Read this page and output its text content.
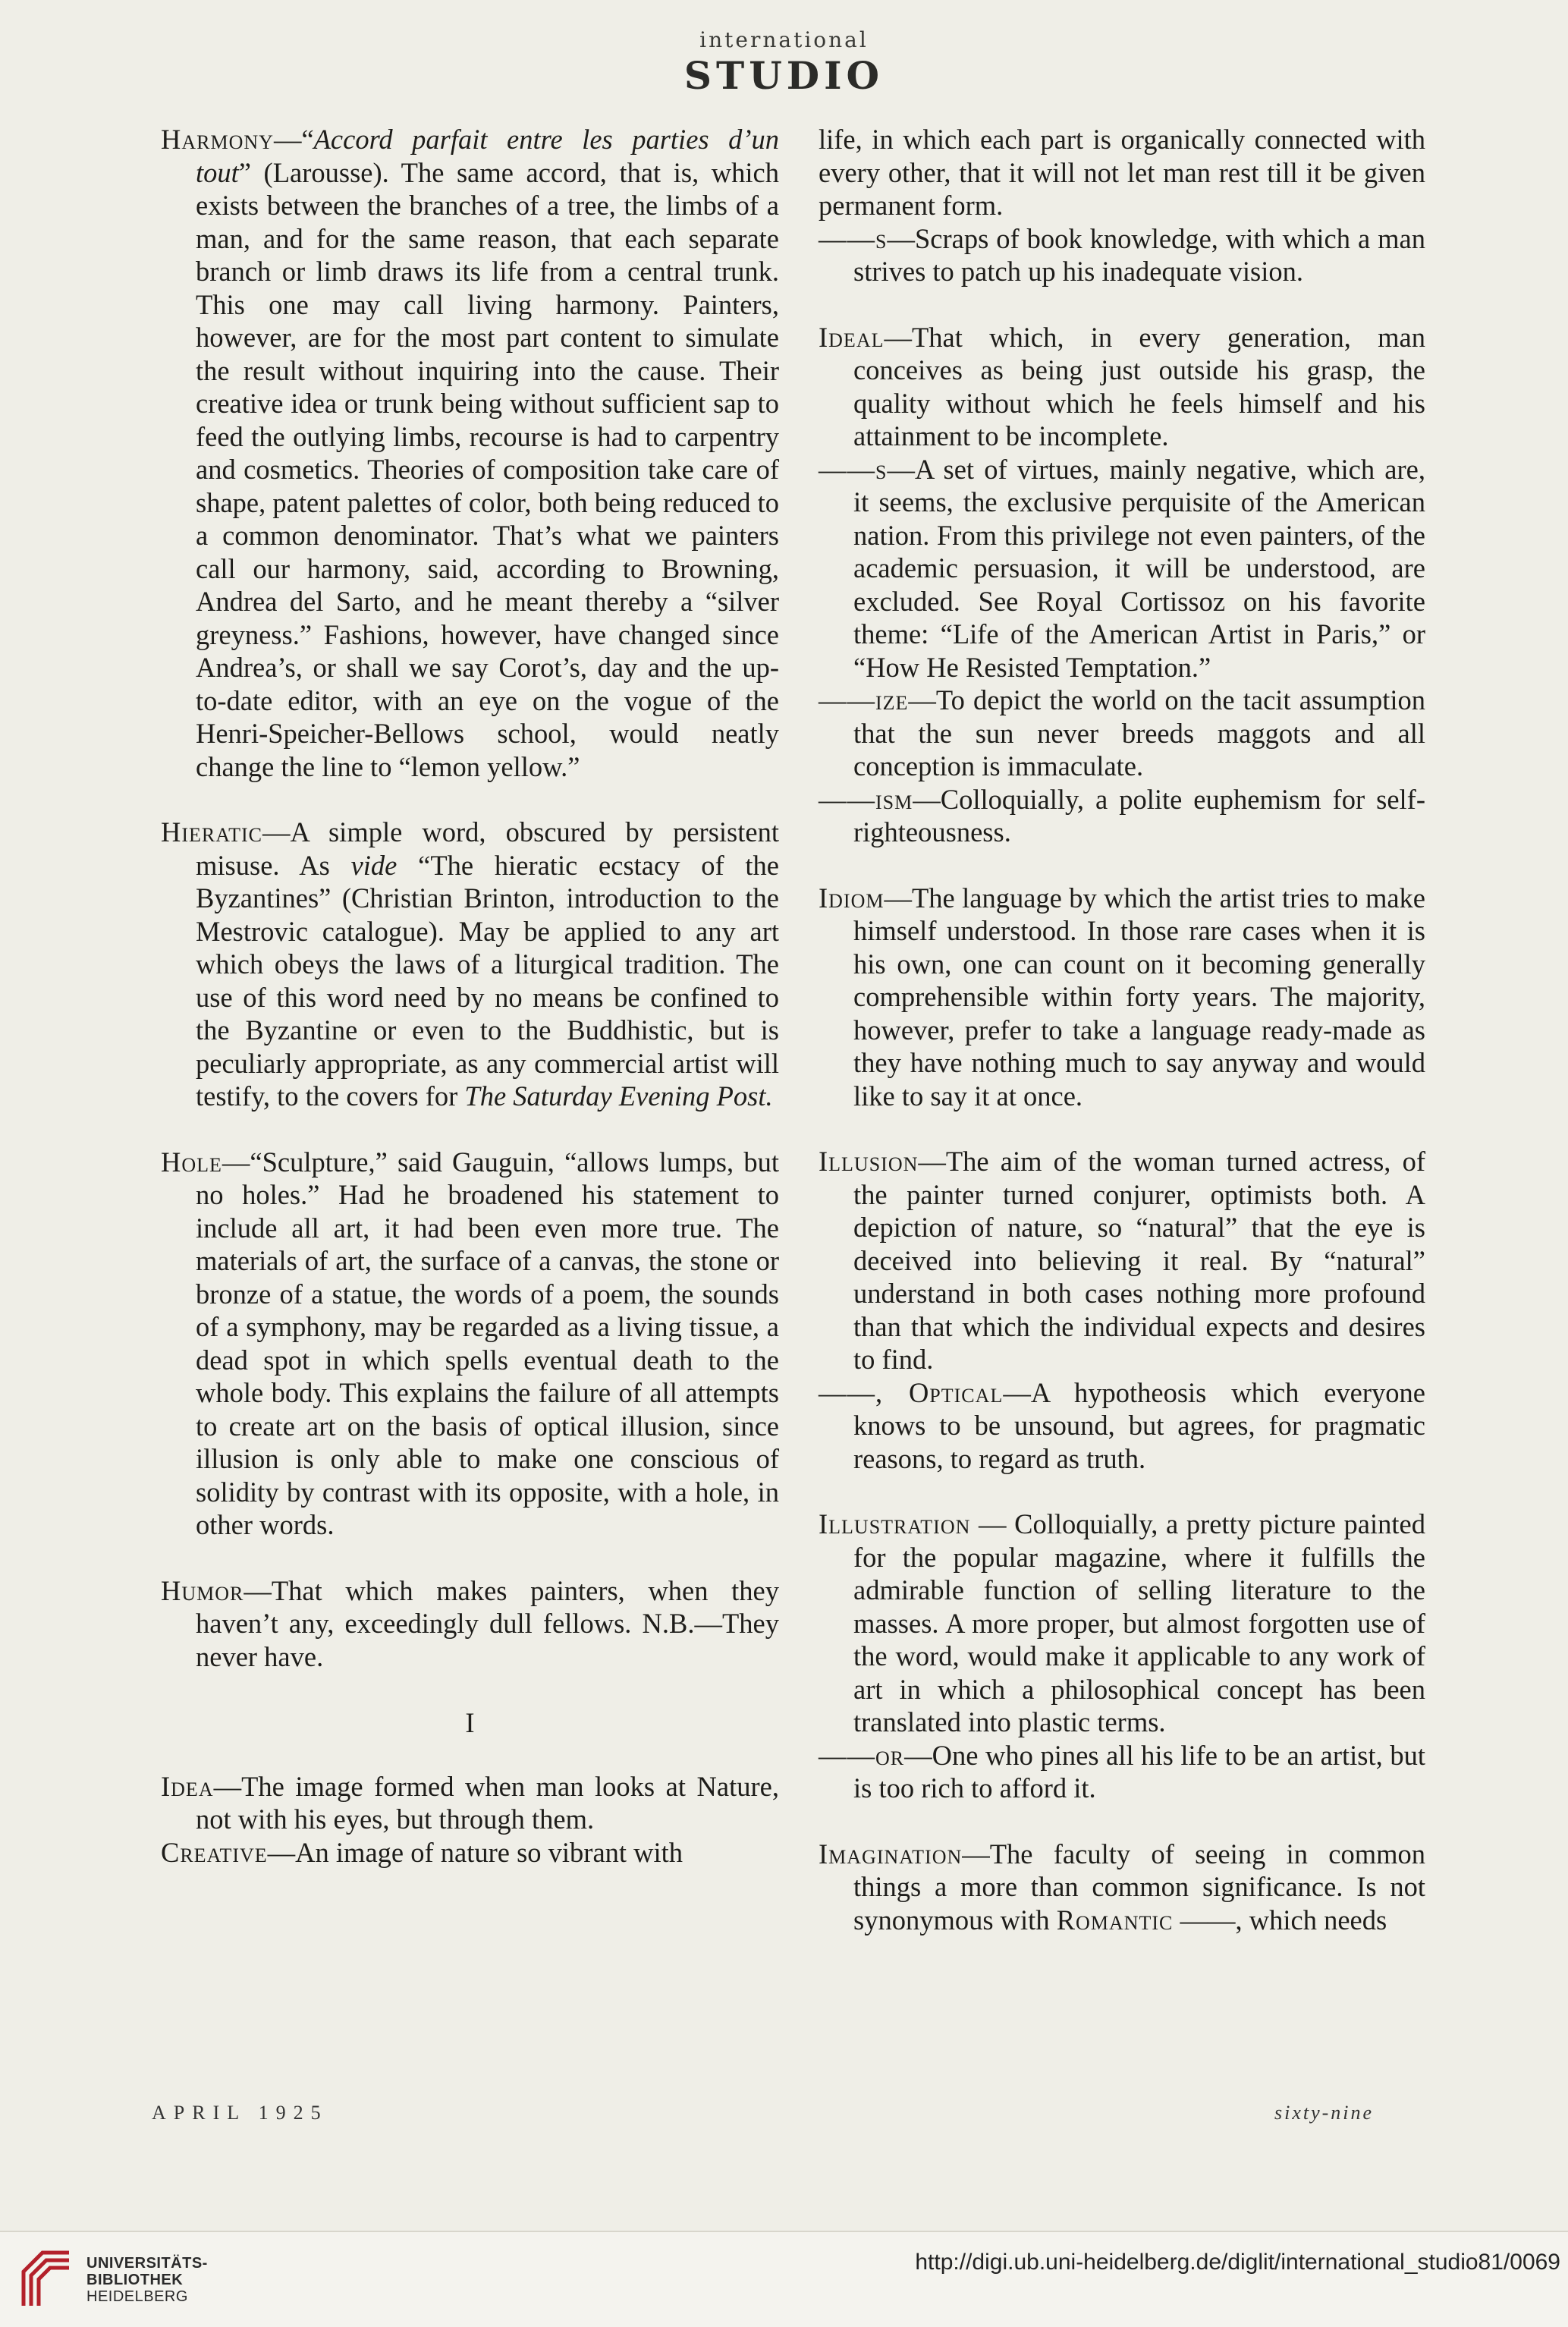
international
STUDIO

Harmony—“Accord parfait entre les parties d’un tout” (Larousse). The same accord, that is, which exists between the branches of a tree, the limbs of a man, and for the same reason, that each separate branch or limb draws its life from a central trunk. This one may call living harmony. Painters, however, are for the most part content to simulate the result without inquiring into the cause. Their creative idea or trunk being without sufficient sap to feed the outlying limbs, recourse is had to carpentry and cosmetics. Theories of composition take care of shape, patent palettes of color, both being reduced to a common denominator. That’s what we painters call our harmony, said, according to Browning, Andrea del Sarto, and he meant thereby a “silver greyness.” Fashions, however, have changed since Andrea’s, or shall we say Corot’s, day and the up-to-date editor, with an eye on the vogue of the Henri-Speicher-Bellows school, would neatly change the line to “lemon yellow.”

Hieratic—A simple word, obscured by persistent misuse. As vide “The hieratic ecstacy of the Byzantines” (Christian Brinton, introduction to the Mestrovic catalogue). May be applied to any art which obeys the laws of a liturgical tradition. The use of this word need by no means be confined to the Byzantine or even to the Buddhistic, but is peculiarly appropriate, as any commercial artist will testify, to the covers for The Saturday Evening Post.

Hole—“Sculpture,” said Gauguin, “allows lumps, but no holes.” Had he broadened his statement to include all art, it had been even more true. The materials of art, the surface of a canvas, the stone or bronze of a statue, the words of a poem, the sounds of a symphony, may be regarded as a living tissue, a dead spot in which spells eventual death to the whole body. This explains the failure of all attempts to create art on the basis of optical illusion, since illusion is only able to make one conscious of solidity by contrast with its opposite, with a hole, in other words.

Humor—That which makes painters, when they haven’t any, exceedingly dull fellows. N.B.—They never have.

I

Idea—The image formed when man looks at Nature, not with his eyes, but through them.

Creative—An image of nature so vibrant with

life, in which each part is organically connected with every other, that it will not let man rest till it be given permanent form.

——s—Scraps of book knowledge, with which a man strives to patch up his inadequate vision.

Ideal—That which, in every generation, man conceives as being just outside his grasp, the quality without which he feels himself and his attainment to be incomplete.

——s—A set of virtues, mainly negative, which are, it seems, the exclusive perquisite of the American nation. From this privilege not even painters, of the academic persuasion, it will be understood, are excluded. See Royal Cortissoz on his favorite theme: “Life of the American Artist in Paris,” or “How He Resisted Temptation.”

——ize—To depict the world on the tacit assumption that the sun never breeds maggots and all conception is immaculate.

——ism—Colloquially, a polite euphemism for self-righteousness.

Idiom—The language by which the artist tries to make himself understood. In those rare cases when it is his own, one can count on it becoming generally comprehensible within forty years. The majority, however, prefer to take a language ready-made as they have nothing much to say anyway and would like to say it at once.

Illusion—The aim of the woman turned actress, of the painter turned conjurer, optimists both. A depiction of nature, so “natural” that the eye is deceived into believing it real. By “natural” understand in both cases nothing more profound than that which the individual expects and desires to find.

——, Optical—A hypotheosis which everyone knows to be unsound, but agrees, for pragmatic reasons, to regard as truth.

Illustration — Colloquially, a pretty picture painted for the popular magazine, where it fulfills the admirable function of selling literature to the masses. A more proper, but almost forgotten use of the word, would make it applicable to any work of art in which a philosophical concept has been translated into plastic terms.

——or—One who pines all his life to be an artist, but is too rich to afford it.

Imagination—The faculty of seeing in common things a more than common significance. Is not synonymous with Romantic ——, which needs

APRIL 1925	sixty-nine
UNIVERSITÄTS-
BIBLIOTHEK
HEIDELBERG
http://digi.ub.uni-heidelberg.de/diglit/international_studio81/0069
